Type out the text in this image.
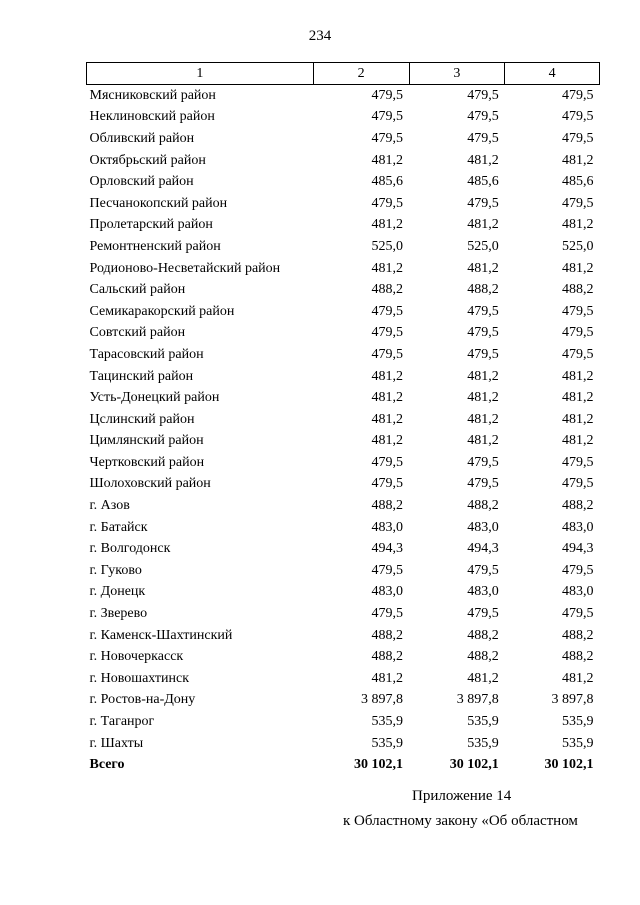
234
1	2	3	4
Мясниковский район	479,5	479,5	479,5
Неклиновский район	479,5	479,5	479,5
Обливский район	479,5	479,5	479,5
Октябрьский район	481,2	481,2	481,2
Орловский район	485,6	485,6	485,6
Песчанокопский район	479,5	479,5	479,5
Пролетарский район	481,2	481,2	481,2
Ремонтненский район	525,0	525,0	525,0
Родионово-Несветайский район	481,2	481,2	481,2
Сальский район	488,2	488,2	488,2
Семикаракорский район	479,5	479,5	479,5
Совтский район	479,5	479,5	479,5
Тарасовский район	479,5	479,5	479,5
Тацинский район	481,2	481,2	481,2
Усть-Донецкий район	481,2	481,2	481,2
Цслинский район	481,2	481,2	481,2
Цимлянский район	481,2	481,2	481,2
Чертковский район	479,5	479,5	479,5
Шолоховский район	479,5	479,5	479,5
г. Азов	488,2	488,2	488,2
г. Батайск	483,0	483,0	483,0
г. Волгодонск	494,3	494,3	494,3
г. Гуково	479,5	479,5	479,5
г. Донецк	483,0	483,0	483,0
г. Зверево	479,5	479,5	479,5
г. Каменск-Шахтинский	488,2	488,2	488,2
г. Новочеркасск	488,2	488,2	488,2
г. Новошахтинск	481,2	481,2	481,2
г. Ростов-на-Дону	3 897,8	3 897,8	3 897,8
г. Таганрог	535,9	535,9	535,9
г. Шахты	535,9	535,9	535,9
Всего	30 102,1	30 102,1	30 102,1
Приложение 14
к Областному закону «Об областном
